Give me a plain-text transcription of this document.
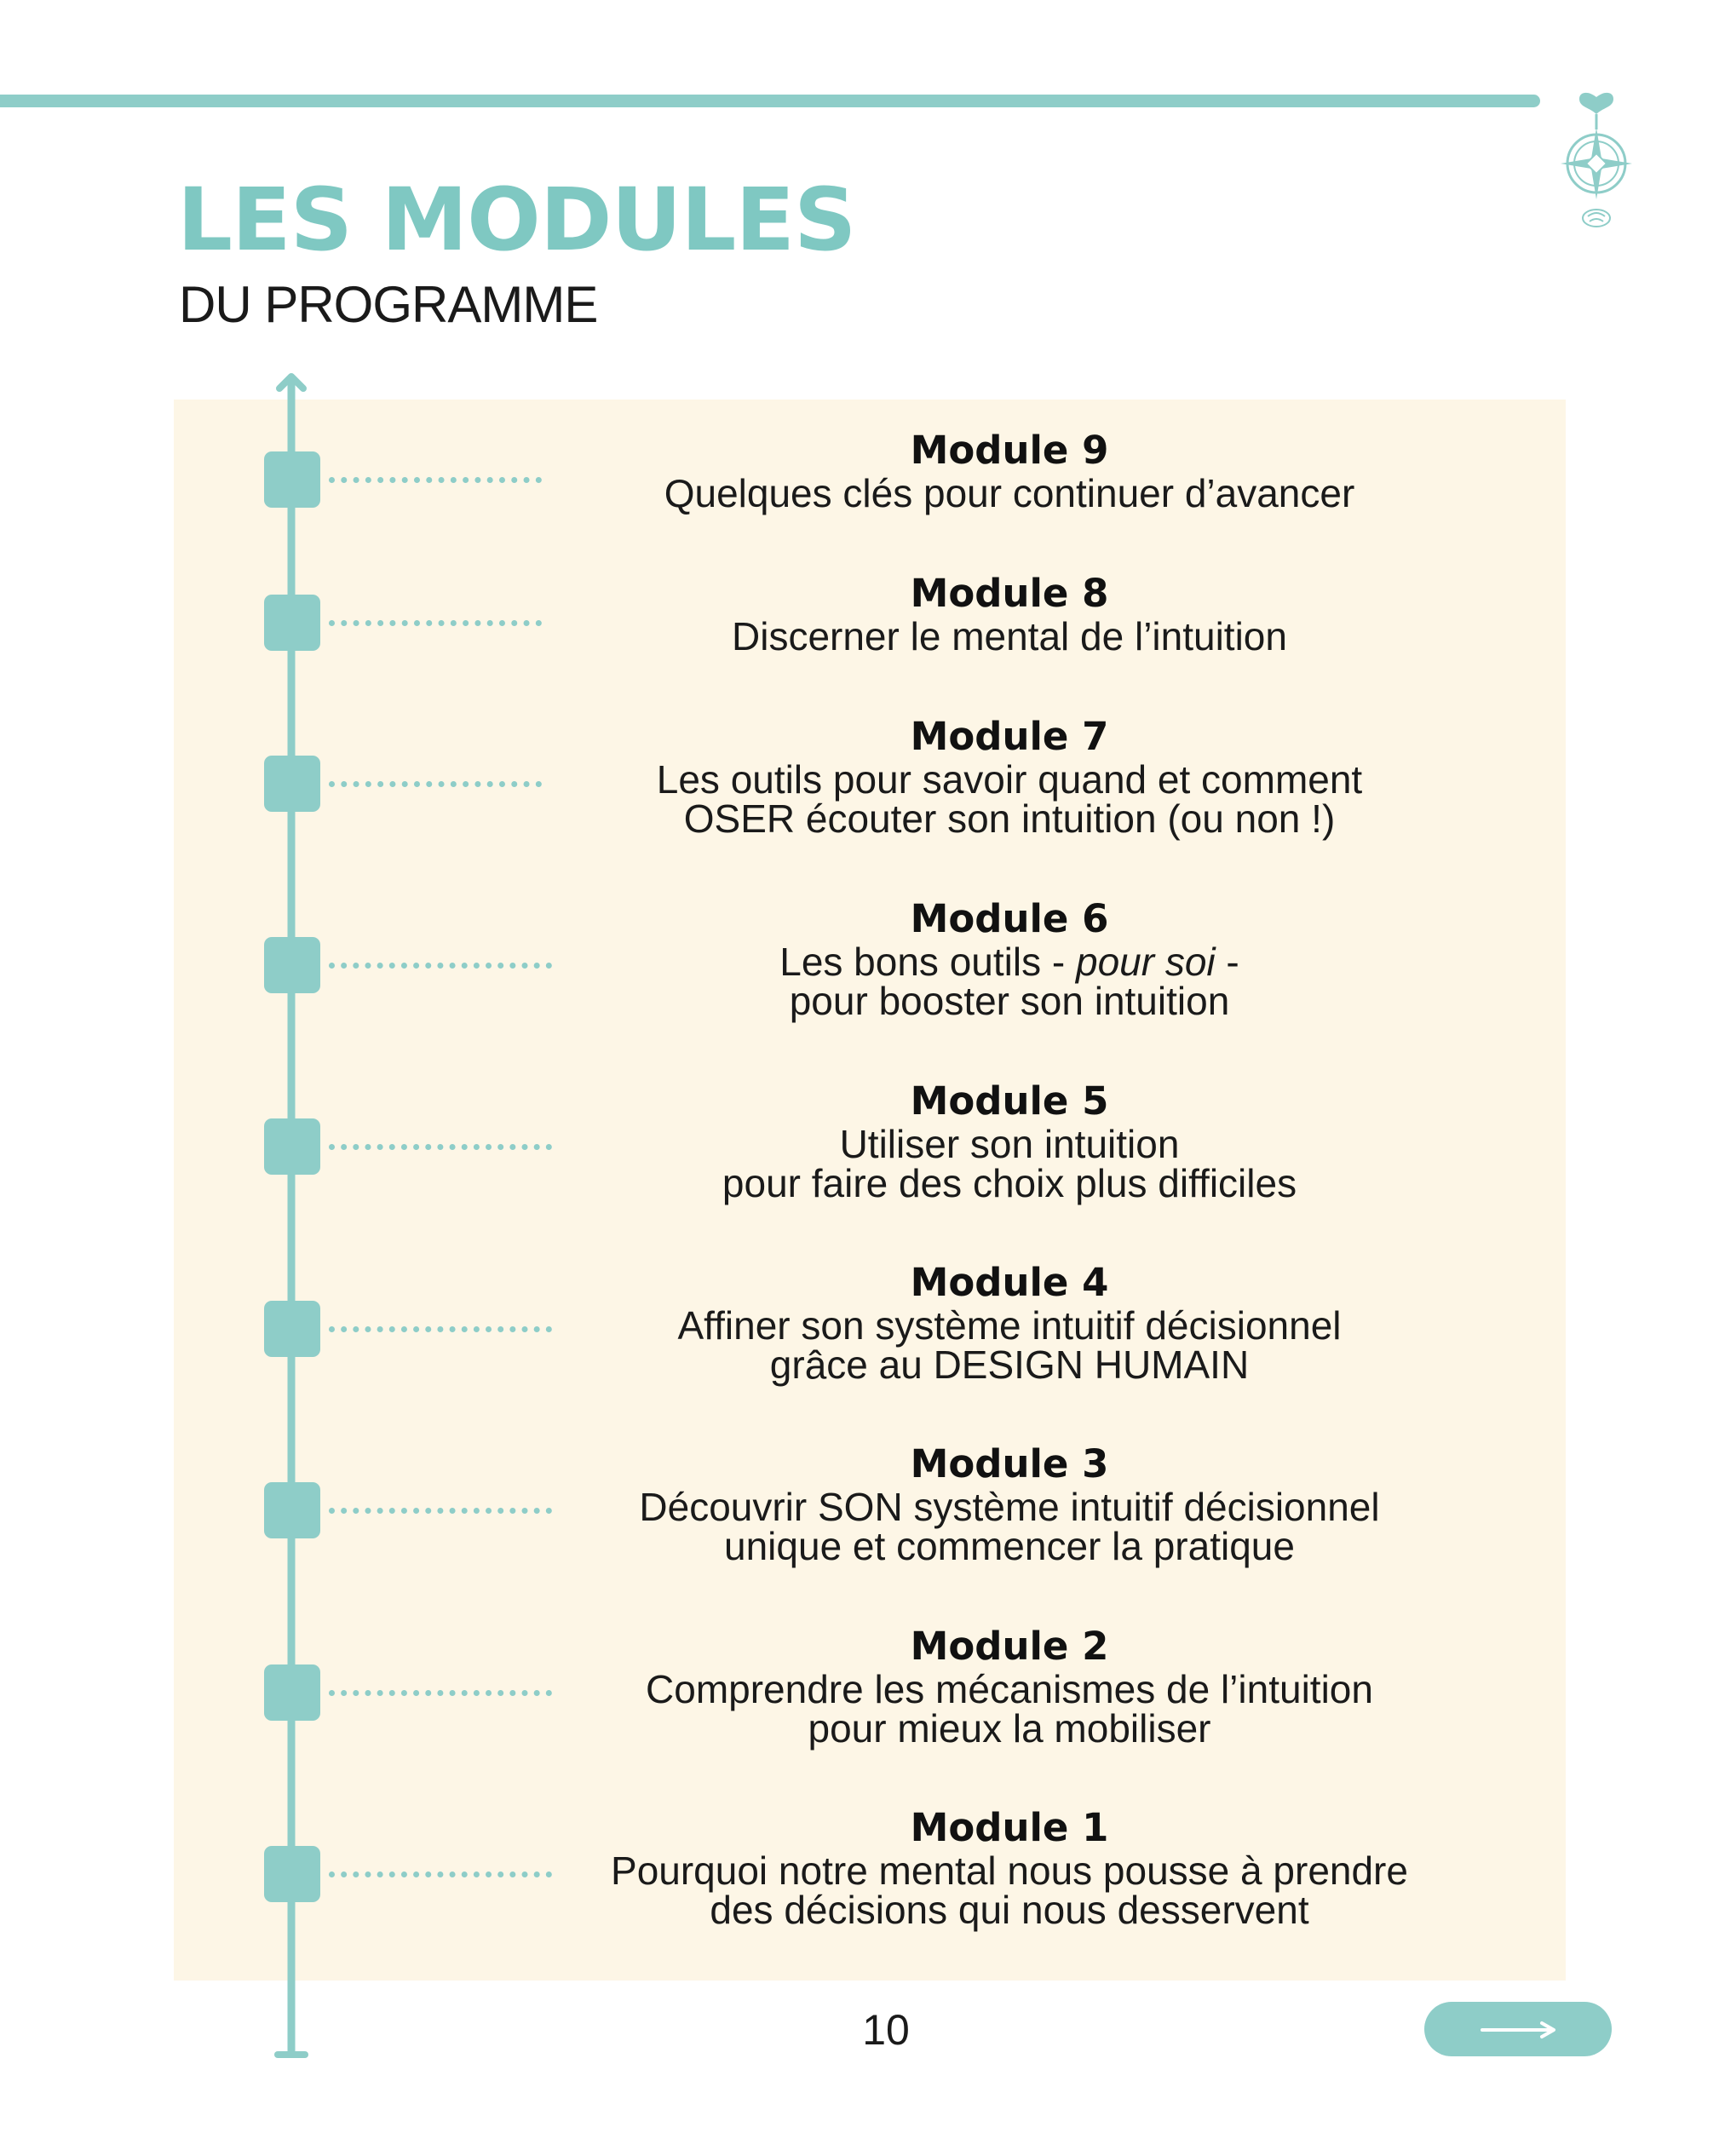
LES MODULES
DU PROGRAMME
Module 9
Quelques clés pour continuer d’avancer
Module 8
Discerner le mental de l’intuition
Module 7
Les outils pour savoir quand et comment
OSER écouter son intuition (ou non !)
Module 6
Les bons outils - pour soi -
pour booster son intuition
Module 5
Utiliser son intuition
pour faire des choix plus difficiles
Module 4
Affiner son système intuitif décisionnel
grâce au DESIGN HUMAIN
Module 3
Découvrir SON système intuitif décisionnel
unique et commencer la pratique
Module 2
Comprendre les mécanismes de l’intuition
pour mieux la mobiliser
Module 1
Pourquoi notre mental nous pousse à prendre
des décisions qui nous desservent
10
